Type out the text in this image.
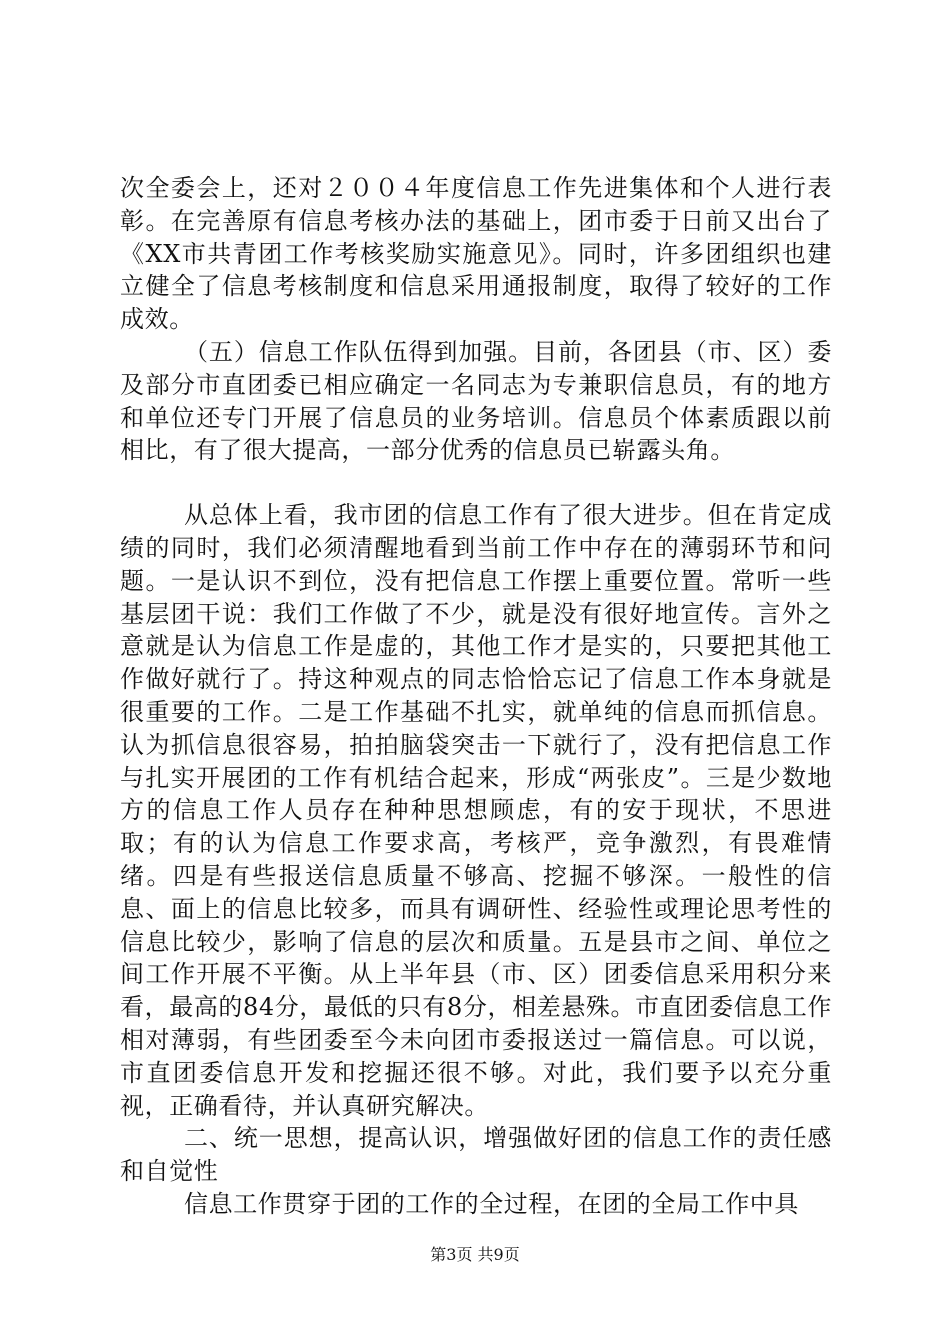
次全委会上，还对２００４年度信息工作先进集体和个人进行表彰。在完善原有信息考核办法的基础上，团市委于日前又出台了《XX市共青团工作考核奖励实施意见》。同时，许多团组织也建立健全了信息考核制度和信息采用通报制度，取得了较好的工作成效。

（五）信息工作队伍得到加强。目前，各团县（市、区）委及部分市直团委已相应确定一名同志为专兼职信息员，有的地方和单位还专门开展了信息员的业务培训。信息员个体素质跟以前相比，有了很大提高，一部分优秀的信息员已崭露头角。

从总体上看，我市团的信息工作有了很大进步。但在肯定成绩的同时，我们必须清醒地看到当前工作中存在的薄弱环节和问题。一是认识不到位，没有把信息工作摆上重要位置。常听一些基层团干说：我们工作做了不少，就是没有很好地宣传。言外之意就是认为信息工作是虚的，其他工作才是实的，只要把其他工作做好就行了。持这种观点的同志恰恰忘记了信息工作本身就是很重要的工作。二是工作基础不扎实，就单纯的信息而抓信息。认为抓信息很容易，拍拍脑袋突击一下就行了，没有把信息工作与扎实开展团的工作有机结合起来，形成“两张皮”。三是少数地方的信息工作人员存在种种思想顾虑，有的安于现状，不思进取；有的认为信息工作要求高，考核严，竞争激烈，有畏难情绪。四是有些报送信息质量不够高、挖掘不够深。一般性的信息、面上的信息比较多，而具有调研性、经验性或理论思考性的信息比较少，影响了信息的层次和质量。五是县市之间、单位之间工作开展不平衡。从上半年县（市、区）团委信息采用积分来看，最高的84分，最低的只有8分，相差悬殊。市直团委信息工作相对薄弱，有些团委至今未向团市委报送过一篇信息。可以说，市直团委信息开发和挖掘还很不够。对此，我们要予以充分重视，正确看待，并认真研究解决。

二、统一思想，提高认识，增强做好团的信息工作的责任感和自觉性

信息工作贯穿于团的工作的全过程，在团的全局工作中具

第3页 共9页
